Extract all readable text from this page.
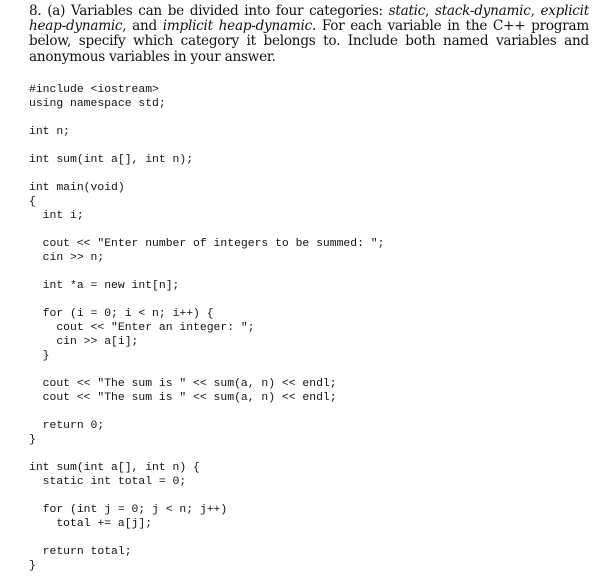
8. (a) Variables can be divided into four categories: static, stack-dynamic, explicit heap-dynamic, and implicit heap-dynamic. For each variable in the C++ program below, specify which category it belongs to. Include both named variables and anonymous variables in your answer.
#include <iostream>
using namespace std;
int n;
int sum(int a[], int n);
int main(void)
{
int i;
cout << "Enter number of integers to be summed: ";
cin >> n;
int *a = new int[n];
for (i = 0; i < n; i++) {
cout << "Enter an integer: ";
cin >> a[i];
}
cout << "The sum is " << sum(a, n) << endl;
cout << "The sum is " << sum(a, n) << endl;
return 0;
}
int sum(int a[], int n) {
static int total = 0;
for (int j = 0; j < n; j++)
total += a[j];
return total;
}
